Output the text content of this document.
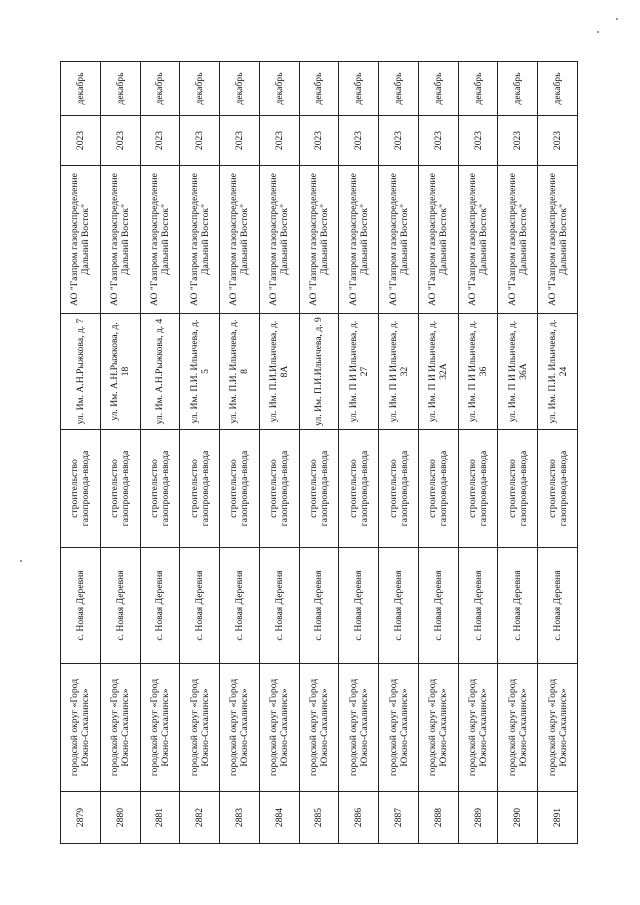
2879	городской округ «Город Южно-Сахалинск»	с. Новая Деревня	строительство газопровода-ввода	ул. Им. А.Н.Рыжкова, д. 7	АО "Газпром газораспределение Дальний Восток"	2023	декабрь
2880	городской округ «Город Южно-Сахалинск»	с. Новая Деревня	строительство газопровода-ввода	ул. Им. А.Н.Рыжкова, д. 18	АО "Газпром газораспределение Дальний Восток"	2023	декабрь
2881	городской округ «Город Южно-Сахалинск»	с. Новая Деревня	строительство газопровода-ввода	ул. Им. А.Н.Рыжкова, д. 4	АО "Газпром газораспределение Дальний Восток"	2023	декабрь
2882	городской округ «Город Южно-Сахалинск»	с. Новая Деревня	строительство газопровода-ввода	ул. Им. П.И. Ильичева, д. 5	АО "Газпром газораспределение Дальний Восток"	2023	декабрь
2883	городской округ «Город Южно-Сахалинск»	с. Новая Деревня	строительство газопровода-ввода	ул. Им. П.И. Ильичева, д. 8	АО "Газпром газораспределение Дальний Восток"	2023	декабрь
2884	городской округ «Город Южно-Сахалинск»	с. Новая Деревня	строительство газопровода-ввода	ул. Им. П.И.Ильичева, д. 8А	АО "Газпром газораспределение Дальний Восток"	2023	декабрь
2885	городской округ «Город Южно-Сахалинск»	с. Новая Деревня	строительство газопровода-ввода	ул. Им. П.И.Ильичева, д. 9	АО "Газпром газораспределение Дальний Восток"	2023	декабрь
2886	городской округ «Город Южно-Сахалинск»	с. Новая Деревня	строительство газопровода-ввода	ул. Им. П И Ильичева, д. 27	АО "Газпром газораспределение Дальний Восток"	2023	декабрь
2887	городской округ «Город Южно-Сахалинск»	с. Новая Деревня	строительство газопровода-ввода	ул. Им. П И Ильичева, д. 32	АО "Газпром газораспределение Дальний Восток"	2023	декабрь
2888	городской округ «Город Южно-Сахалинск»	с. Новая Деревня	строительство газопровода-ввода	ул. Им. П И Ильичева, д. 32А	АО "Газпром газораспределение Дальний Восток"	2023	декабрь
2889	городской округ «Город Южно-Сахалинск»	с. Новая Деревня	строительство газопровода-ввода	ул. Им. П И Ильичева, д. 36	АО "Газпром газораспределение Дальний Восток"	2023	декабрь
2890	городской округ «Город Южно-Сахалинск»	с. Новая Деревня	строительство газопровода-ввода	ул. Им. П И Ильичева, д. 36А	АО "Газпром газораспределение Дальний Восток"	2023	декабрь
2891	городской округ «Город Южно-Сахалинск»	с. Новая Деревня	строительство газопровода-ввода	ул. Им. П.И. Ильичева, д. 24	АО "Газпром газораспределение Дальний Восток"	2023	декабрь
